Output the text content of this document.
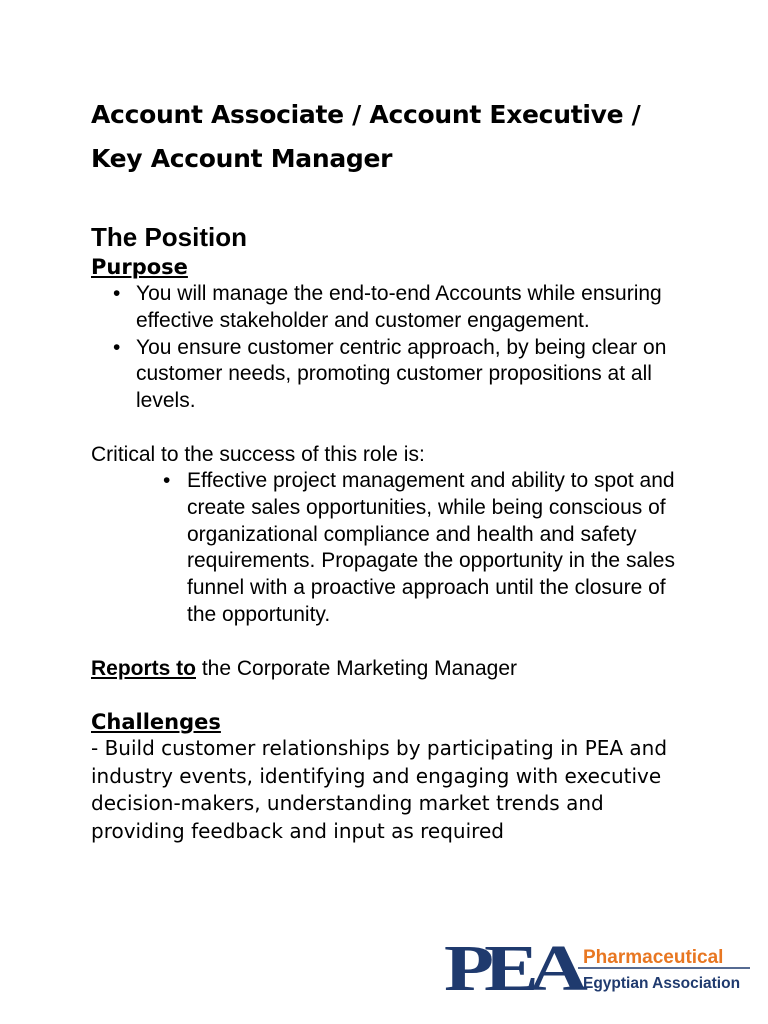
Account Associate / Account Executive /
Key Account Manager
The Position
Purpose
• You will manage the end-to-end Accounts while ensuring effective stakeholder and customer engagement.
• You ensure customer centric approach, by being clear on customer needs, promoting customer propositions at all levels.

Critical to the success of this role is:

• Effective project management and ability to spot and create sales opportunities, while being conscious of organizational compliance and health and safety requirements. Propagate the opportunity in the sales funnel with a proactive approach until the closure of the opportunity.

Reports to the Corporate Marketing Manager

Challenges

- Build customer relationships by participating in PEA and industry events, identifying and engaging with executive decision-makers, understanding market trends and providing feedback and input as required

PEA
Pharmaceutical
Egyptian Association
